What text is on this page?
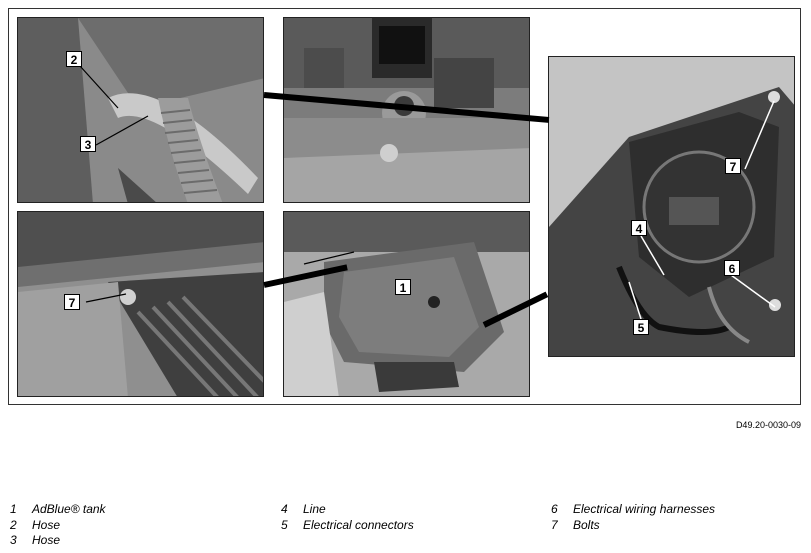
2
3
7
1
7
4
6
5
D49.20-0030-09
1 AdBlue® tank
2 Hose
3 Hose
4 Line
5 Electrical connectors
6 Electrical wiring harnesses
7 Bolts
